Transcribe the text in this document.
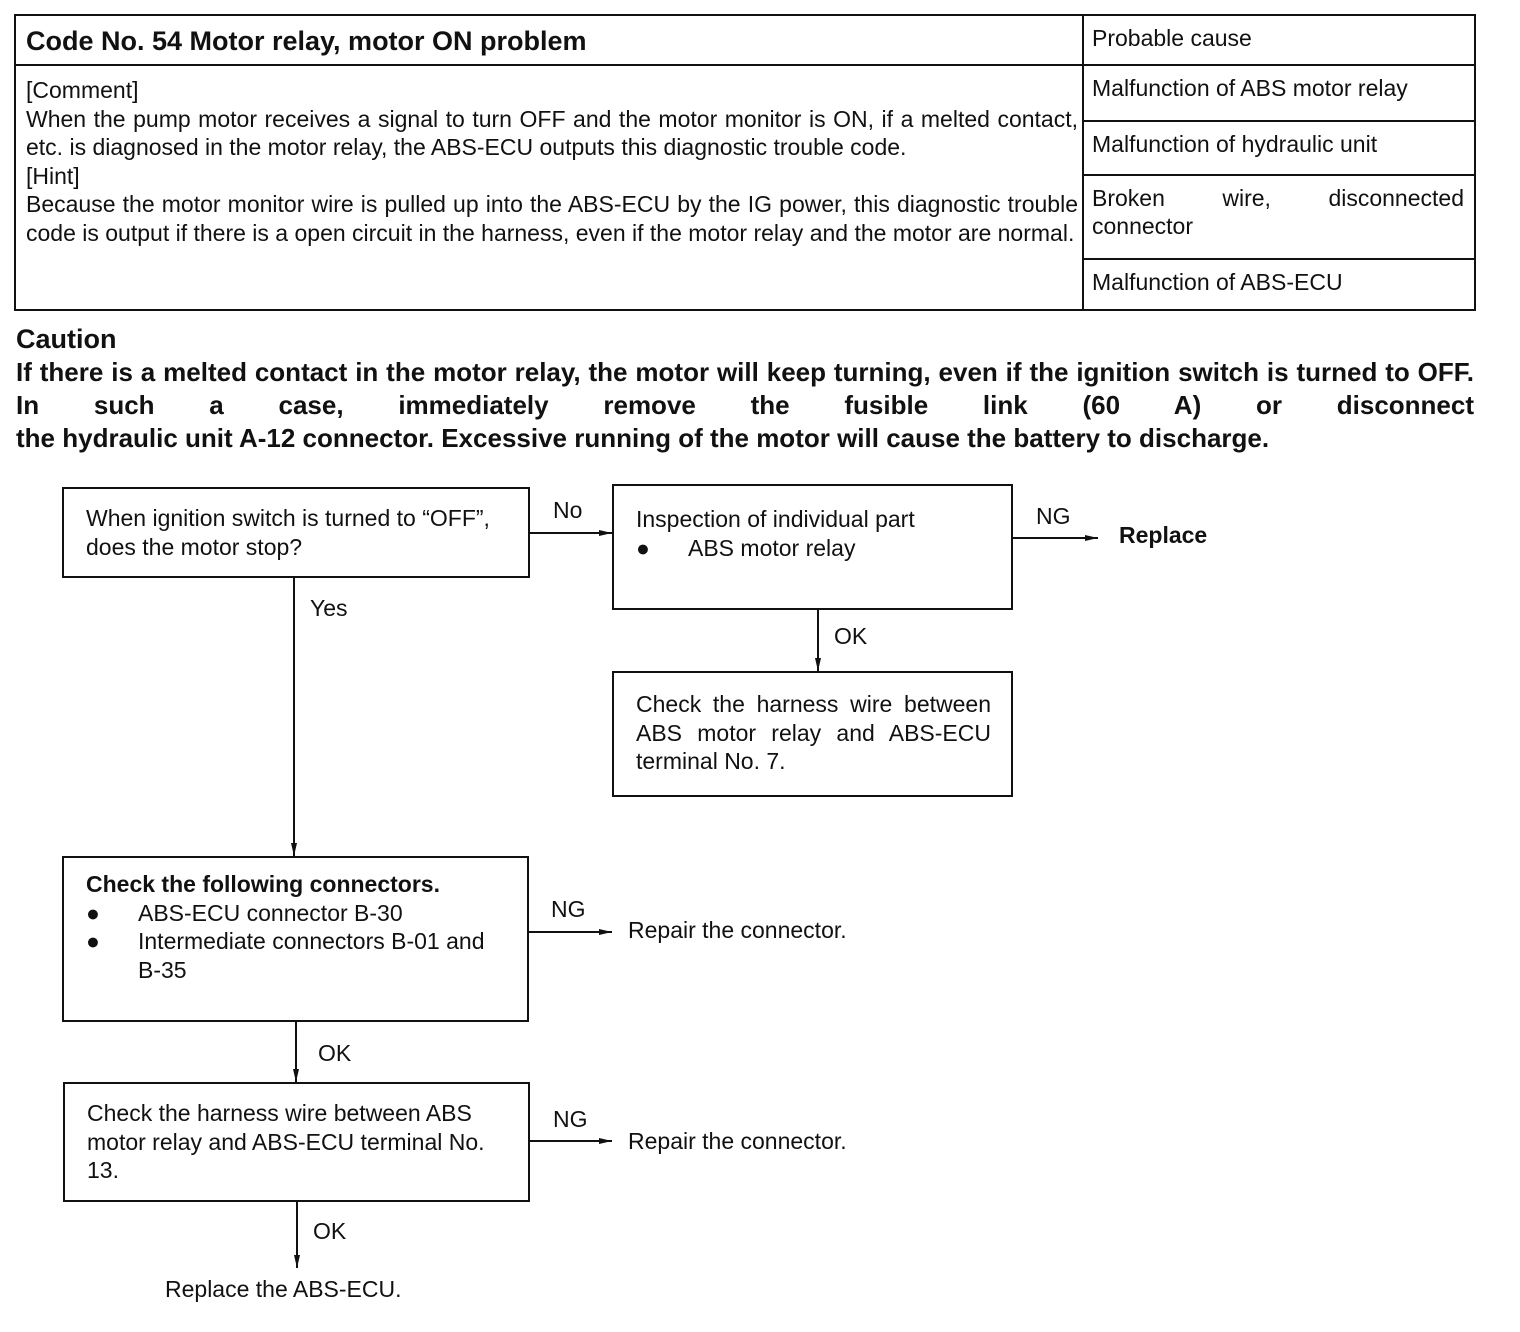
Code No. 54 Motor relay, motor ON problem
[Comment]
When the pump motor receives a signal to turn OFF and the motor monitor is ON, if a melted contact, etc. is diagnosed in the motor relay, the ABS-ECU outputs this diagnostic trouble code.
[Hint]
Because the motor monitor wire is pulled up into the ABS-ECU by the IG power, this diagnostic trouble code is output if there is a open circuit in the harness, even if the motor relay and the motor are normal.
Probable cause
Malfunction of ABS motor relay
Malfunction of hydraulic unit
Broken wire, disconnected connector
Malfunction of ABS-ECU
Caution
If there is a melted contact in the motor relay, the motor will keep turning, even if the ignition switch is turned to OFF. In such a case, immediately remove the fusible link (60 A) or disconnect
the hydraulic unit A-12 connector. Excessive running of the motor will cause the battery to discharge.
When ignition switch is turned to “OFF”, does the motor stop?
No
Yes
Inspection of individual part
●	ABS motor relay
NG
Replace
OK
Check the harness wire between ABS motor relay and ABS-ECU terminal No. 7.
Check the following connectors.
●	ABS-ECU connector B-30
●	Intermediate connectors B-01 and B-35
NG
Repair the connector.
OK
Check the harness wire between ABS motor relay and ABS-ECU terminal No. 13.
NG
Repair the connector.
OK
Replace the ABS-ECU.
